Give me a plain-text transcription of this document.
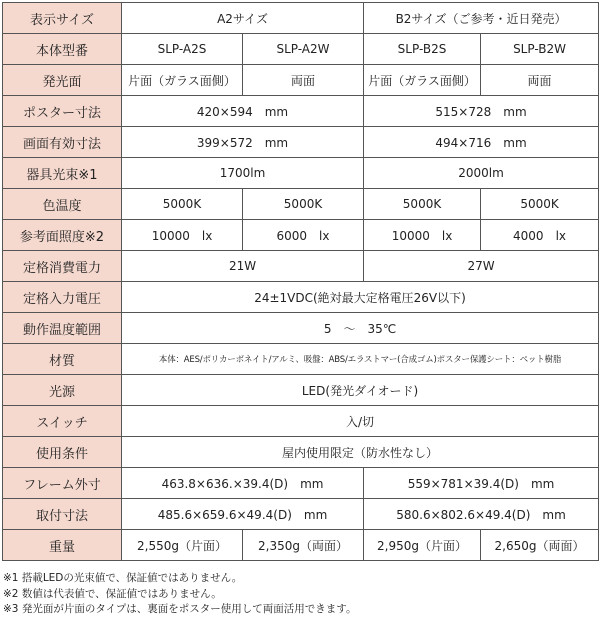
表示サイズ	A2サイズ		B2サイズ（ご参考・近日発売）	
本体型番	SLP-A2S	SLP-A2W	SLP-B2S	SLP-B2W
発光面	片面（ガラス面側）	両面	片面（ガラス面側）	両面
ポスター寸法	420×594　mm		515×728　mm	
画面有効寸法	399×572　mm		494×716　mm	
器具光束※1	1700lm		2000lm	
色温度	5000K	5000K	5000K	5000K
参考面照度※2	10000　lx	6000　lx	10000　lx	4000　lx
定格消費電力	21W		27W	
定格入力電圧	24±1VDC(絶対最大定格電圧26V以下)			
動作温度範囲	5　～　35℃			
材質	本体：AES/ポリカーボネイト/アルミ、吸盤：ABS/エラストマー(合成ゴム)ポスター保護シート：ペット樹脂			
光源	LED(発光ダイオード)			
スイッチ	入/切			
使用条件	屋内使用限定（防水性なし）			
フレーム外寸	463.8×636.×39.4(D)　mm		559×781×39.4(D)　mm	
取付寸法	485.6×659.6×49.4(D)　mm		580.6×802.6×49.4(D)　mm	
重量	2,550g（片面）	2,350g（両面）	2,950g（片面）	2,650g（両面）
※1 搭載LEDの光束値で、保証値ではありません。
※2 数値は代表値で、保証値ではありません。
※3 発光面が片面のタイプは、裏面をポスター使用して両面活用できます。
